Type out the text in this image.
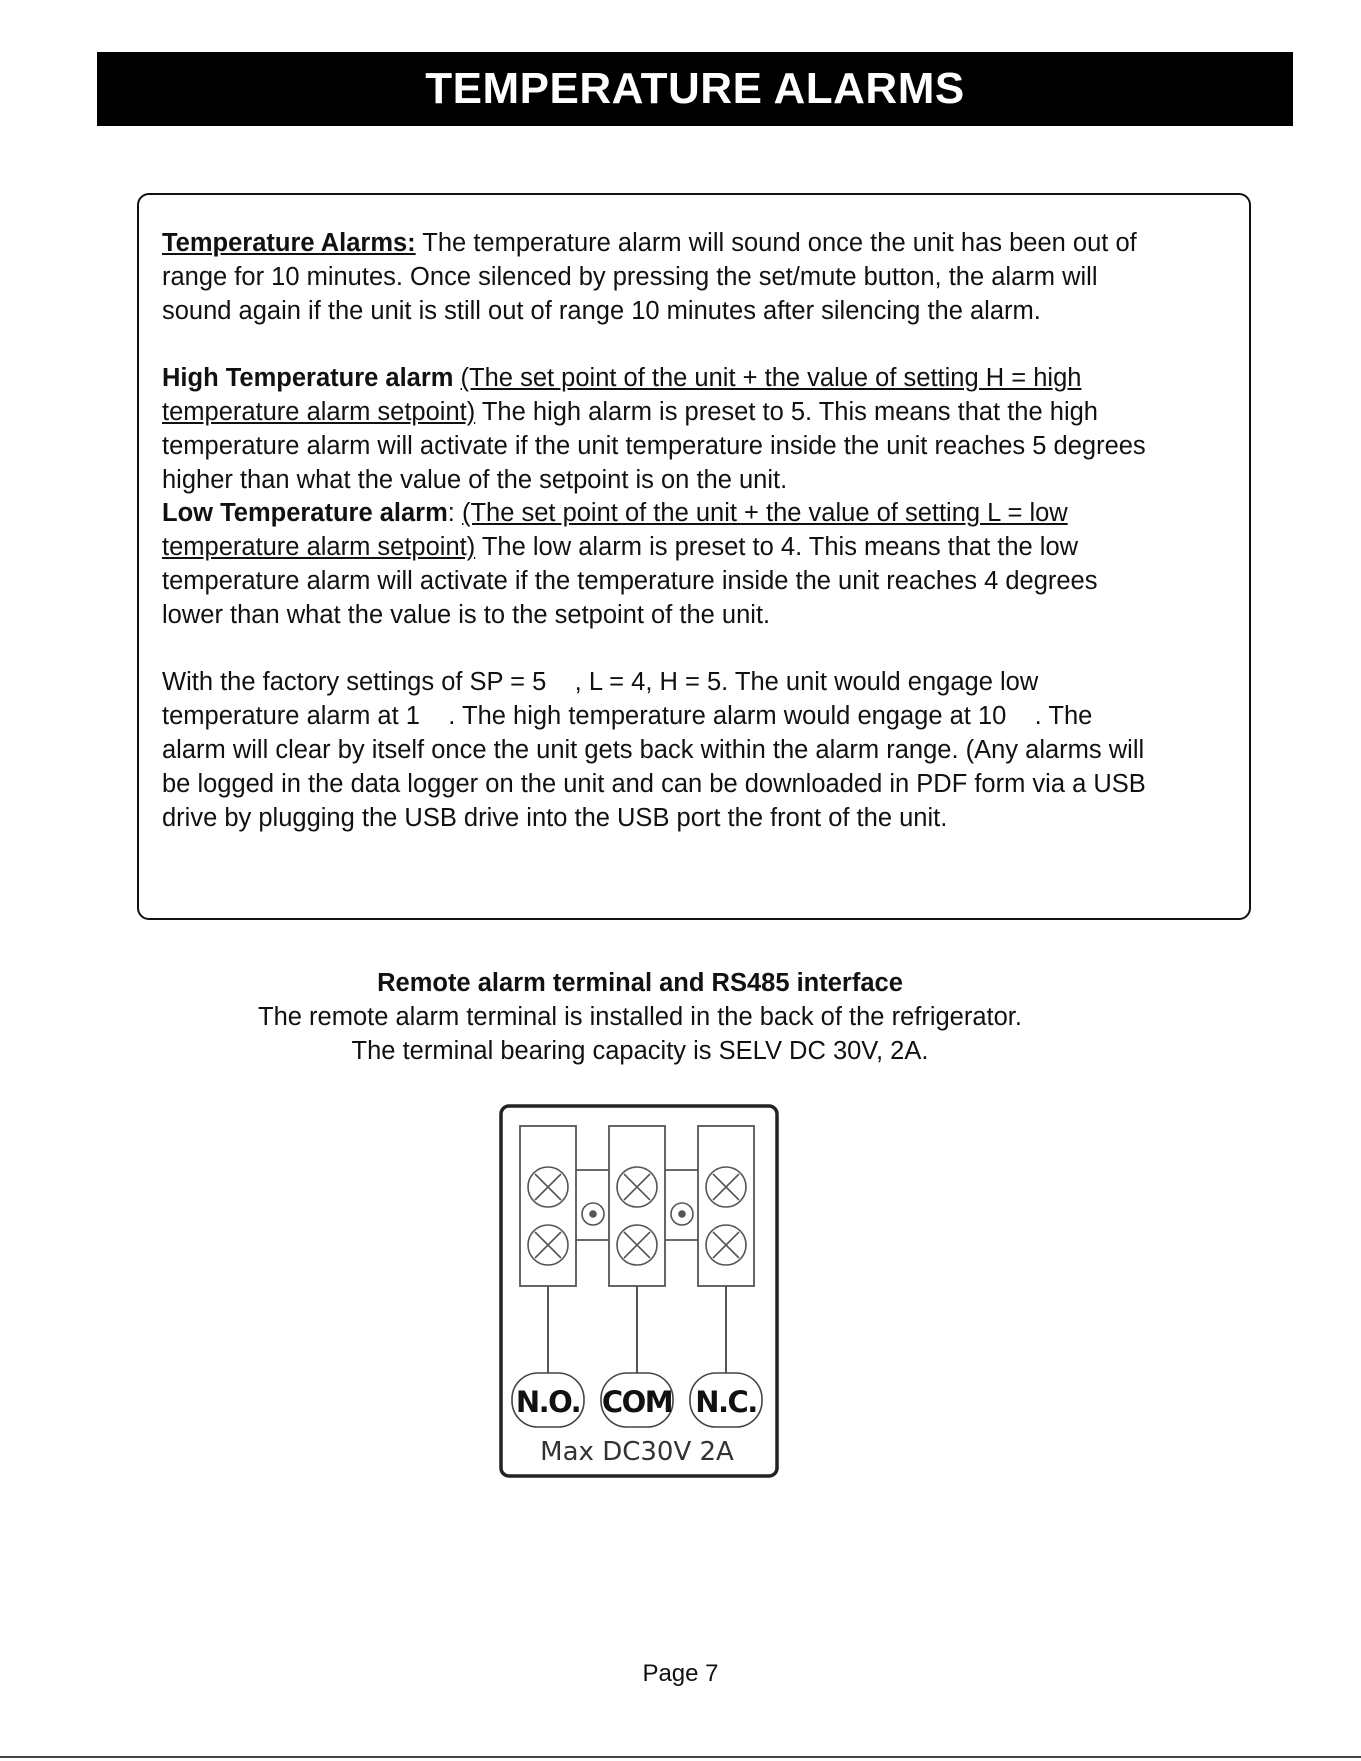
TEMPERATURE ALARMS

Temperature Alarms: The temperature alarm will sound once the unit has been out of range for 10 minutes. Once silenced by pressing the set/mute button, the alarm will sound again if the unit is still out of range 10 minutes after silencing the alarm.

High Temperature alarm (The set point of the unit + the value of setting H = high temperature alarm setpoint) The high alarm is preset to 5. This means that the high temperature alarm will activate if the unit temperature inside the unit reaches 5 degrees higher than what the value of the setpoint is on the unit.

Low Temperature alarm: (The set point of the unit + the value of setting L = low temperature alarm setpoint) The low alarm is preset to 4. This means that the low temperature alarm will activate if the temperature inside the unit reaches 4 degrees lower than what the value is to the setpoint of the unit.

With the factory settings of SP = 5    , L = 4, H = 5. The unit would engage low temperature alarm at 1    . The high temperature alarm would engage at 10    . The alarm will clear by itself once the unit gets back within the alarm range. (Any alarms will be logged in the data logger on the unit and can be downloaded in PDF form via a USB drive by plugging the USB drive into the USB port the front of the unit.

Remote alarm terminal and RS485 interface
The remote alarm terminal is installed in the back of the refrigerator.
The terminal bearing capacity is SELV DC 30V, 2A.
N.O. COM N.C.
Max DC30V 2A
Page 7
